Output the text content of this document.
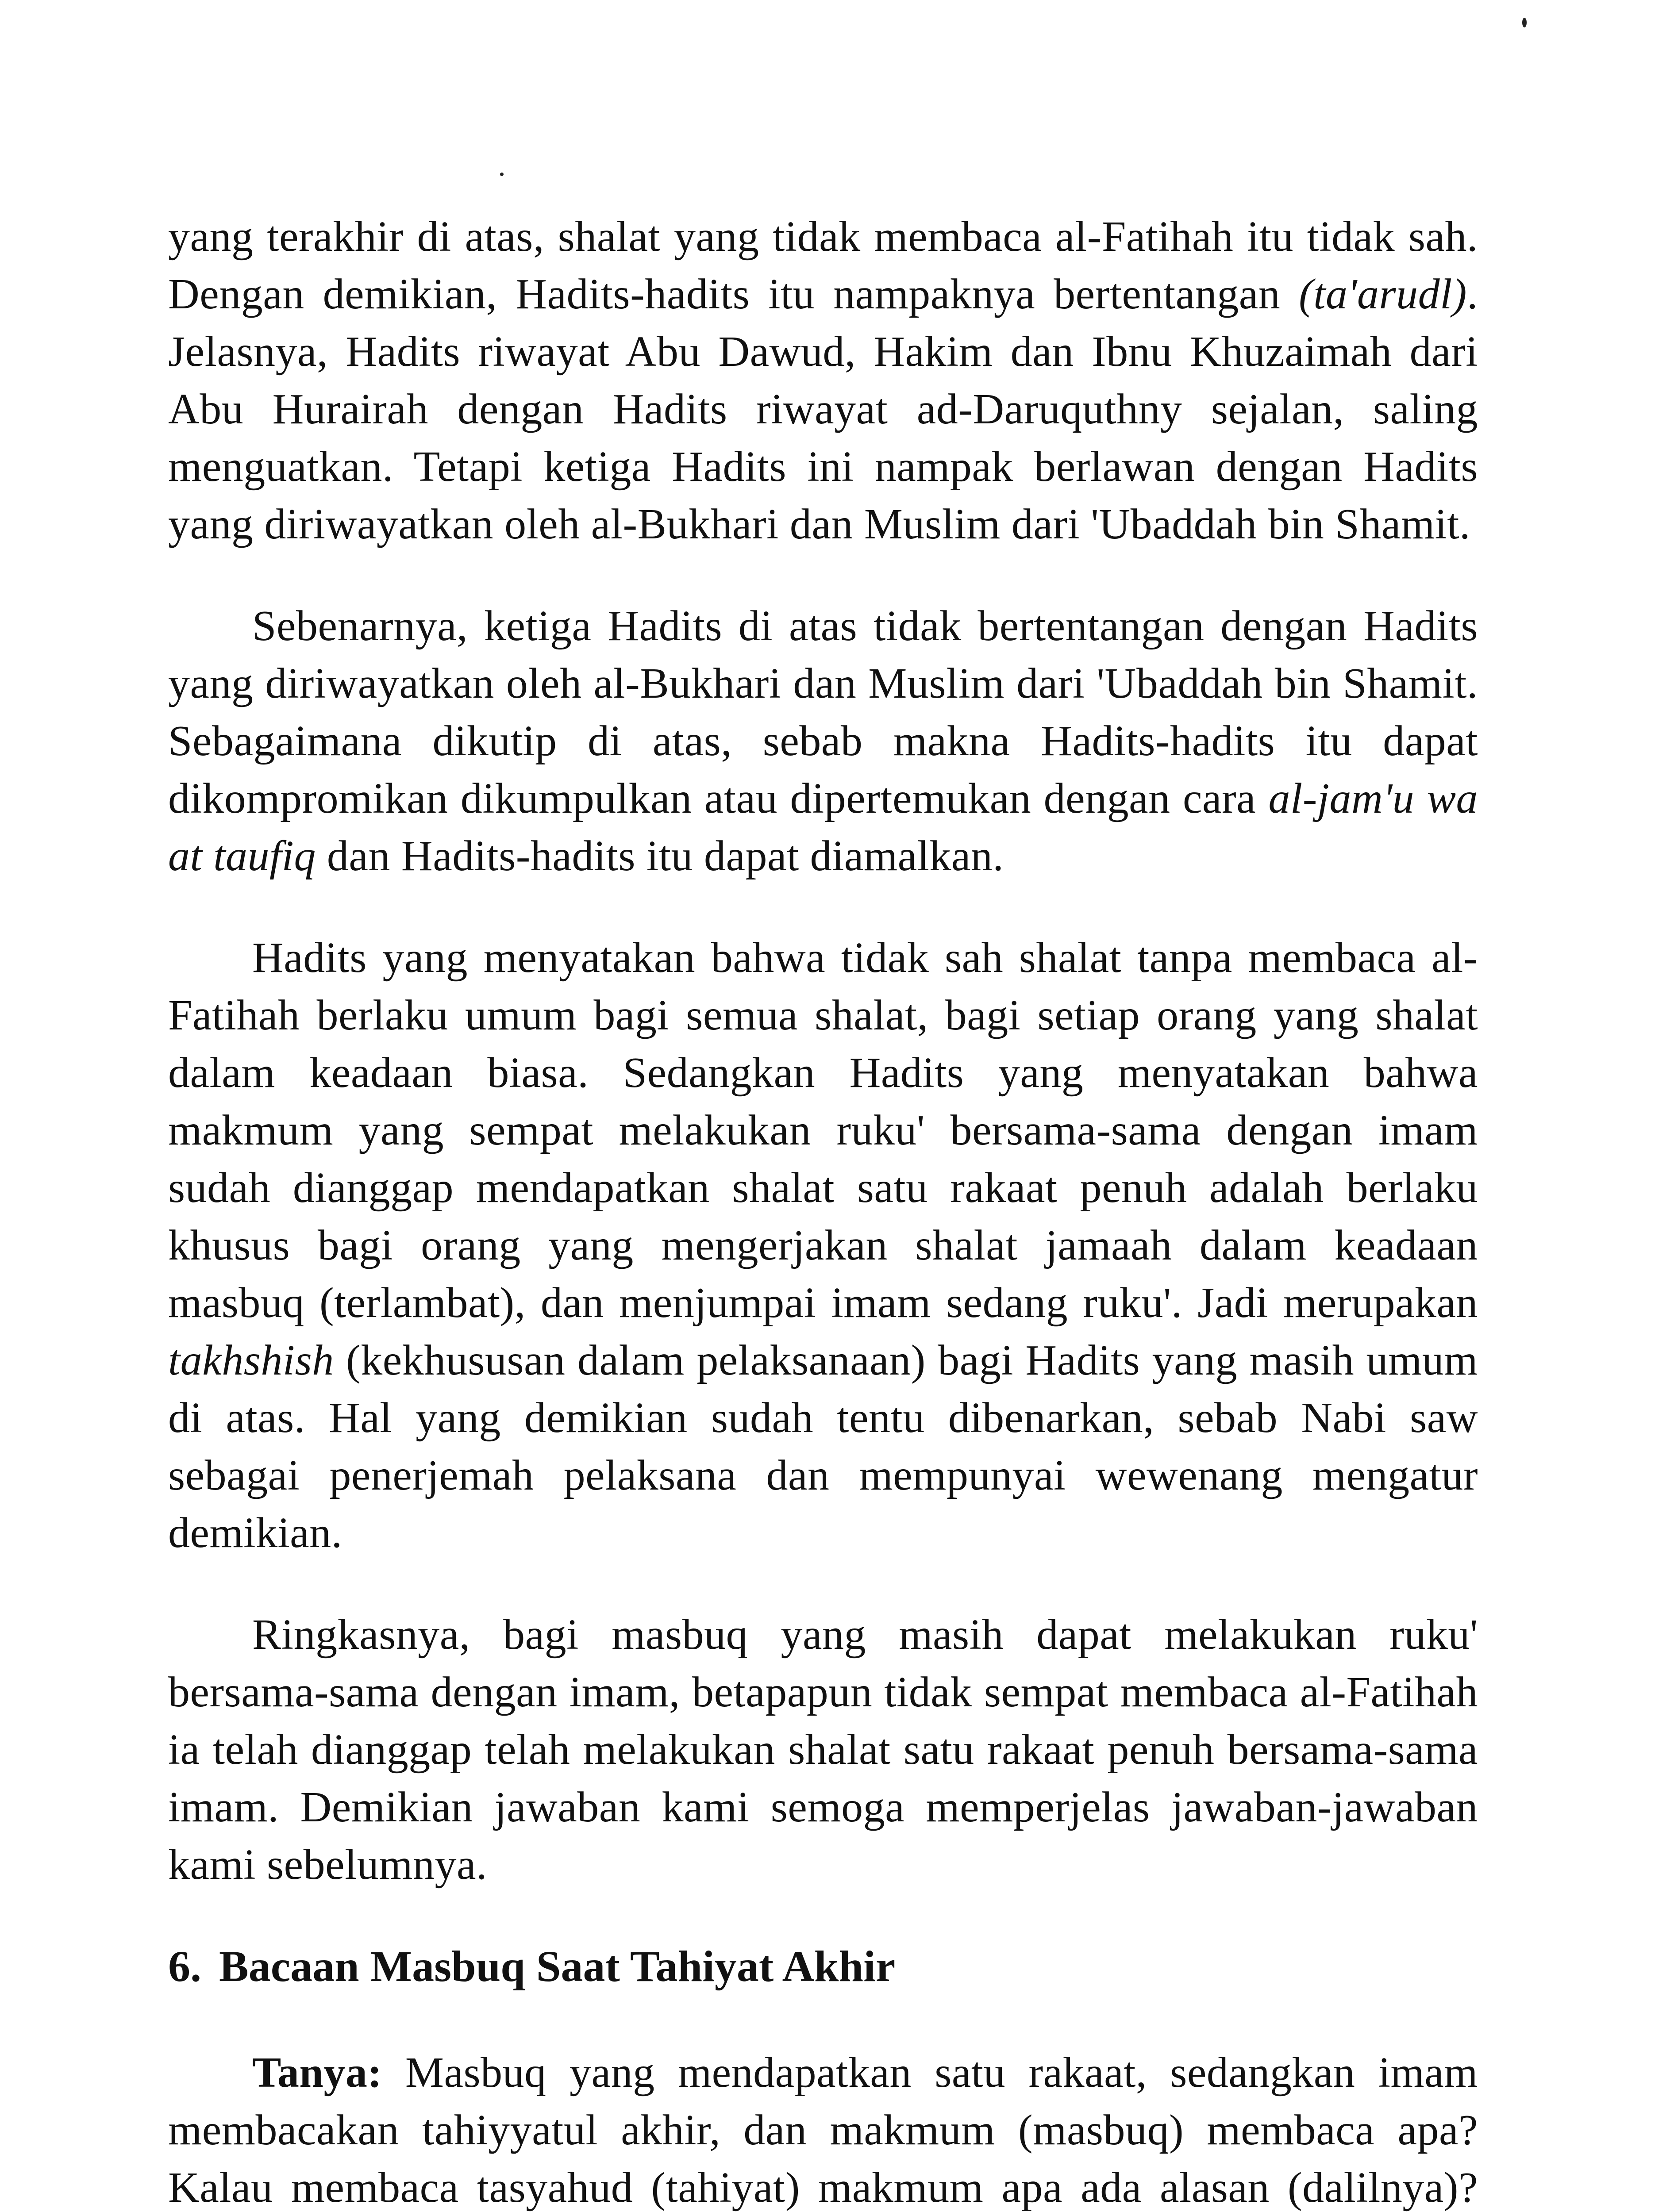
yang terakhir di atas, shalat yang tidak membaca al-Fatihah itu tidak sah. Dengan demikian, Hadits-hadits itu nampaknya bertentangan (ta'arudl). Jelasnya, Hadits riwayat Abu Dawud, Hakim dan Ibnu Khuzaimah dari Abu Hurairah dengan Hadits riwayat ad-Daruquthny sejalan, saling menguatkan. Tetapi ketiga Hadits ini nampak berlawan dengan Hadits yang diriwayatkan oleh al-Bukhari dan Muslim dari 'Ubaddah bin Shamit.

Sebenarnya, ketiga Hadits di atas tidak bertentangan dengan Hadits yang diriwayatkan oleh al-Bukhari dan Muslim dari 'Ubaddah bin Shamit. Sebagaimana dikutip di atas, sebab makna Hadits-hadits itu dapat dikompromikan dikumpulkan atau dipertemukan dengan cara al-jam'u wa at taufiq dan Hadits-hadits itu dapat diamalkan.

Hadits yang menyatakan bahwa tidak sah shalat tanpa membaca al-Fatihah berlaku umum bagi semua shalat, bagi setiap orang yang shalat dalam keadaan biasa. Sedangkan Hadits yang menyatakan bahwa makmum yang sempat melakukan ruku' bersama-sama dengan imam sudah dianggap mendapatkan shalat satu rakaat penuh adalah berlaku khusus bagi orang yang mengerjakan shalat jamaah dalam keadaan masbuq (terlambat), dan menjumpai imam sedang ruku'. Jadi merupakan takhshish (kekhususan dalam pelaksanaan) bagi Hadits yang masih umum di atas. Hal yang demikian sudah tentu dibenarkan, sebab Nabi saw sebagai penerjemah pelaksana dan mempunyai wewenang mengatur demikian.

Ringkasnya, bagi masbuq yang masih dapat melakukan ruku' bersama-sama dengan imam, betapapun tidak sempat membaca al-Fatihah ia telah dianggap telah melakukan shalat satu rakaat penuh bersama-sama imam. Demikian jawaban kami semoga memperjelas jawaban-jawaban kami sebelumnya.

6. Bacaan Masbuq Saat Tahiyat Akhir

Tanya: Masbuq yang mendapatkan satu rakaat, sedangkan imam membacakan tahiyyatul akhir, dan makmum (masbuq) membaca apa? Kalau membaca tasyahud (tahiyat) makmum apa ada alasan (dalilnya)?
